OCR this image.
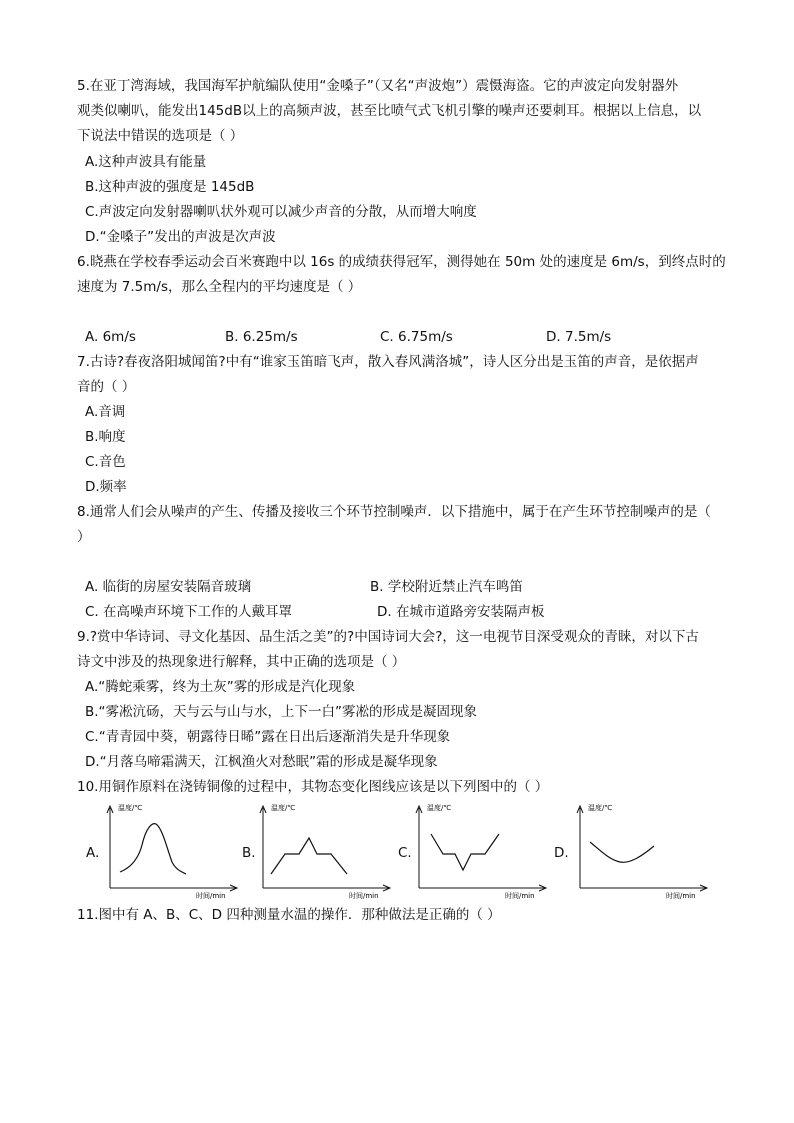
5.在亚丁湾海域，我国海军护航编队使用“金嗓子”（又名“声波炮”）震慑海盗。它的声波定向发射器外
观类似喇叭，能发出145dB以上的高频声波，甚至比喷气式飞机引擎的噪声还要刺耳。根据以上信息，以
下说法中错误的选项是（ ）
A.这种声波具有能量
B.这种声波的强度是 145dB
C.声波定向发射器喇叭状外观可以减少声音的分散，从而增大响度
D.“金嗓子”发出的声波是次声波
6.晓燕在学校春季运动会百米赛跑中以 16s 的成绩获得冠军，测得她在 50m 处的速度是 6m/s，到终点时的
速度为 7.5m/s，那么全程内的平均速度是（ ）
A. 6m/s	B. 6.25m/s	C. 6.75m/s	D. 7.5m/s
7.古诗?春夜洛阳城闻笛?中有“谁家玉笛暗飞声，散入春风满洛城”，诗人区分出是玉笛的声音，是依据声
音的（ ）
A.音调
B.响度
C.音色
D.频率
8.通常人们会从噪声的产生、传播及接收三个环节控制噪声．以下措施中，属于在产生环节控制噪声的是（
）
A. 临街的房屋安装隔音玻璃	B. 学校附近禁止汽车鸣笛
C. 在高噪声环境下工作的人戴耳罩	D. 在城市道路旁安装隔声板
9.?赏中华诗词、寻文化基因、品生活之美”的?中国诗词大会?，这一电视节目深受观众的青睐，对以下古
诗文中涉及的热现象进行解释，其中正确的选项是（ ）
A.“腾蛇乘雾，终为土灰”雾的形成是汽化现象
B.“雾凇沆砀，天与云与山与水，上下一白”雾凇的形成是凝固现象
C.“青青园中葵，朝露待日晞”露在日出后逐渐消失是升华现象
D.“月落乌啼霜满天，江枫渔火对愁眠”霜的形成是凝华现象
10.用铜作原料在浇铸铜像的过程中，其物态变化图线应该是以下列图中的（ ）
A.
温度/℃
时间/min
B.
温度/℃
时间/min
C.
温度/℃
时间/min
D.
温度/℃
时间/min
11.图中有 A、B、C、D 四种测量水温的操作．那种做法是正确的（ ）
